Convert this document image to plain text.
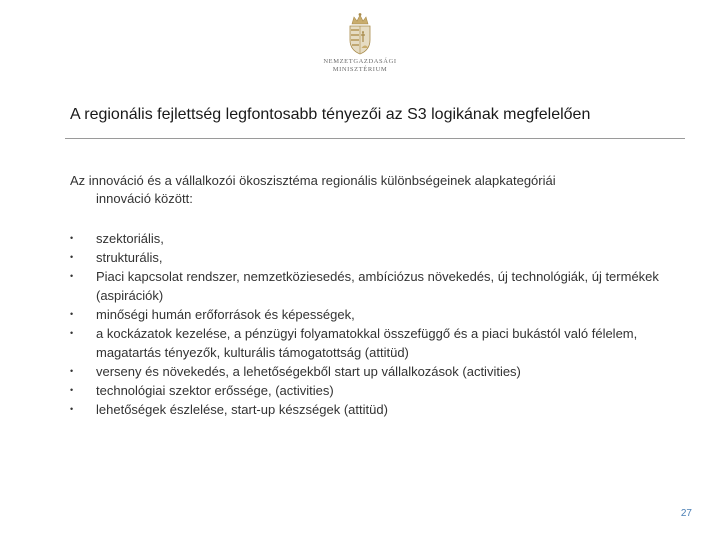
NEMZETGAZDASÁGI
MINISZTÉRIUM
A regionális fejlettség legfontosabb tényezői az S3 logikának megfelelően
Az innováció és a vállalkozói ökoszisztéma regionális különbségeinek alapkategóriái
innováció között:
• szektoriális,
• strukturális,
• Piaci kapcsolat rendszer, nemzetköziesedés, ambíciózus növekedés, új technológiák, új termékek (aspirációk)
• minőségi humán erőforrások és képességek,
• a kockázatok kezelése, a pénzügyi folyamatokkal összefüggő és a piaci bukástól való félelem, magatartás tényezők, kulturális támogatottság (attitüd)
• verseny és növekedés, a lehetőségekből start up vállalkozások (activities)
• technológiai szektor erőssége, (activities)
• lehetőségek észlelése, start-up készségek (attitüd)
27
